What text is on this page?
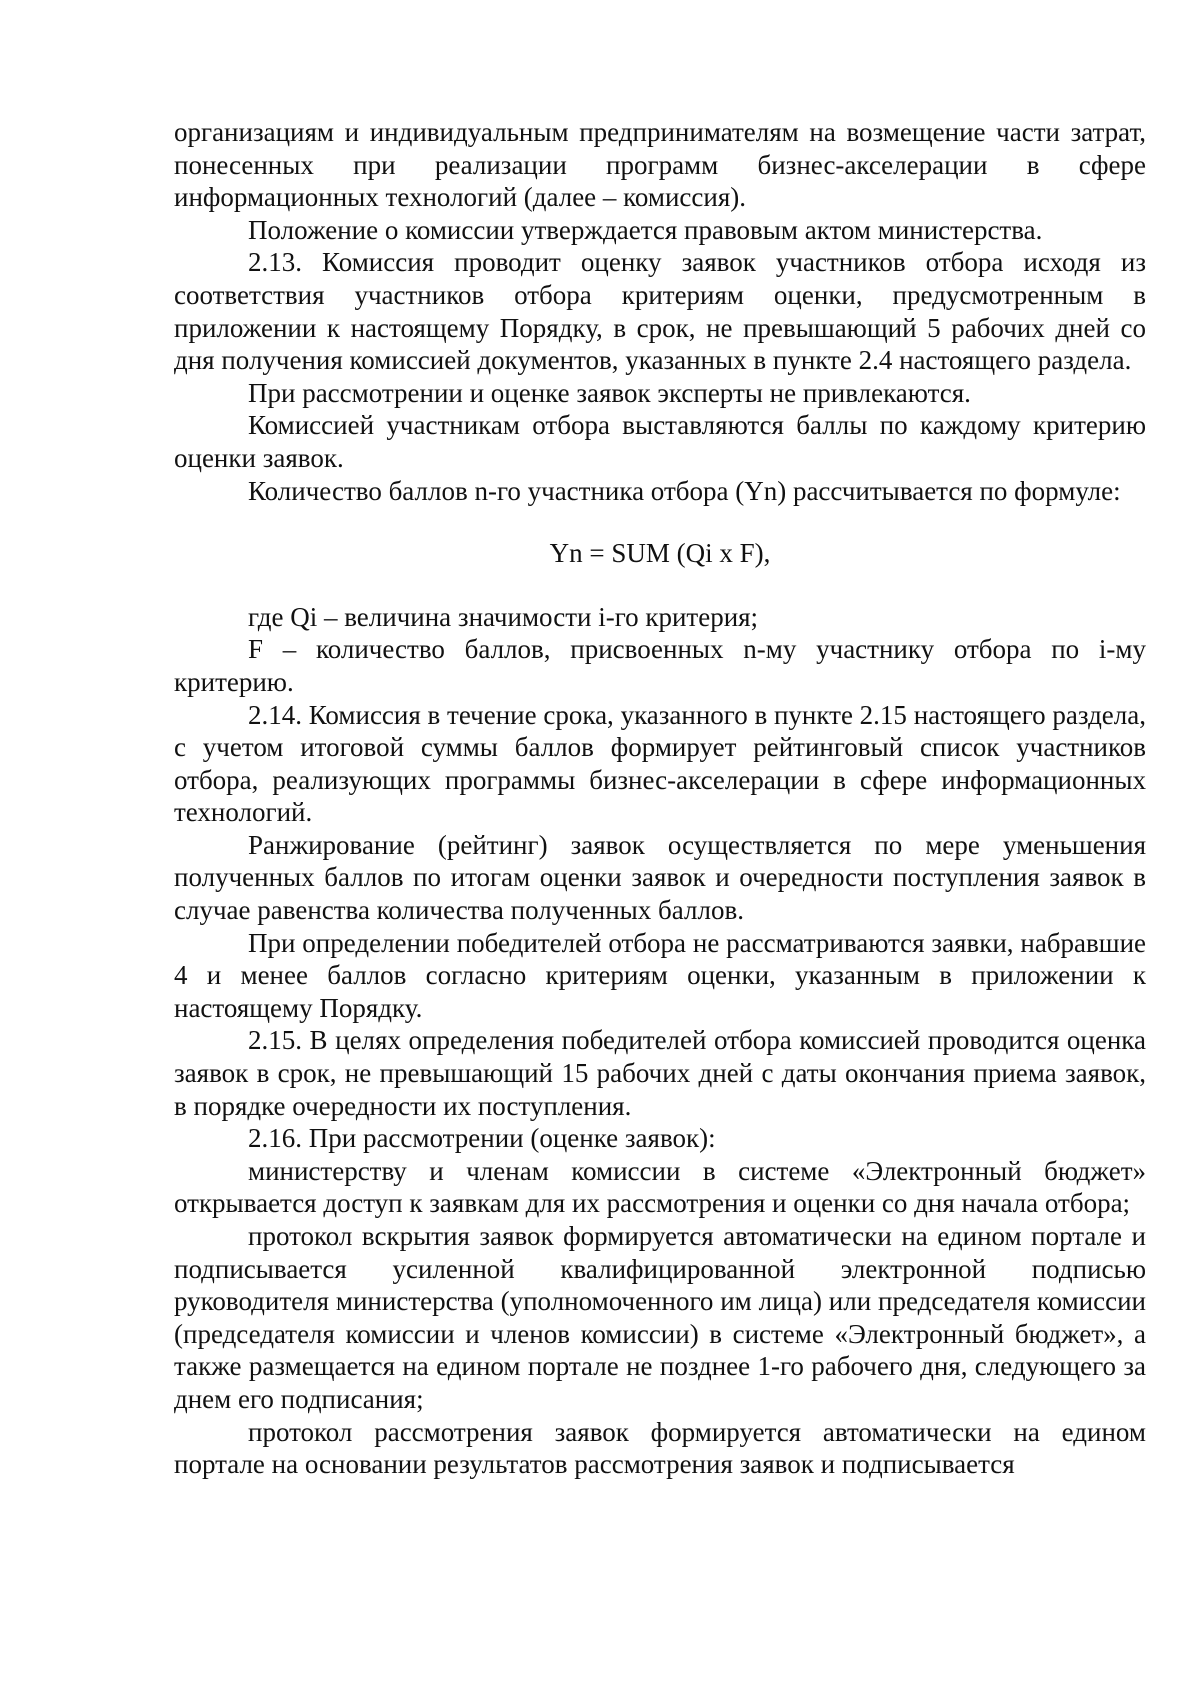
организациям и индивидуальным предпринимателям на возмещение части затрат, понесенных при реализации программ бизнес-акселерации в сфере информационных технологий (далее – комиссия).

Положение о комиссии утверждается правовым актом министерства.

2.13. Комиссия проводит оценку заявок участников отбора исходя из соответствия участников отбора критериям оценки, предусмотренным в приложении к настоящему Порядку, в срок, не превышающий 5 рабочих дней со дня получения комиссией документов, указанных в пункте 2.4 настоящего раздела.

При рассмотрении и оценке заявок эксперты не привлекаются.

Комиссией участникам отбора выставляются баллы по каждому критерию оценки заявок.

Количество баллов n-го участника отбора (Yn) рассчитывается по формуле:

Yn = SUM (Qi x F),

где Qi – величина значимости i-го критерия;

F – количество баллов, присвоенных n-му участнику отбора по i-му критерию.

2.14. Комиссия в течение срока, указанного в пункте 2.15 настоящего раздела, с учетом итоговой суммы баллов формирует рейтинговый список участников отбора, реализующих программы бизнес-акселерации в сфере информационных технологий.

Ранжирование (рейтинг) заявок осуществляется по мере уменьшения полученных баллов по итогам оценки заявок и очередности поступления заявок в случае равенства количества полученных баллов.

При определении победителей отбора не рассматриваются заявки, набравшие 4 и менее баллов согласно критериям оценки, указанным в приложении к настоящему Порядку.

2.15. В целях определения победителей отбора комиссией проводится оценка заявок в срок, не превышающий 15 рабочих дней с даты окончания приема заявок, в порядке очередности их поступления.

2.16. При рассмотрении (оценке заявок):

министерству и членам комиссии в системе «Электронный бюджет» открывается доступ к заявкам для их рассмотрения и оценки со дня начала отбора;

протокол вскрытия заявок формируется автоматически на едином портале и подписывается усиленной квалифицированной электронной подписью руководителя министерства (уполномоченного им лица) или председателя комиссии (председателя комиссии и членов комиссии) в системе «Электронный бюджет», а также размещается на едином портале не позднее 1-го рабочего дня, следующего за днем его подписания;

протокол рассмотрения заявок формируется автоматически на едином портале на основании результатов рассмотрения заявок и подписывается
